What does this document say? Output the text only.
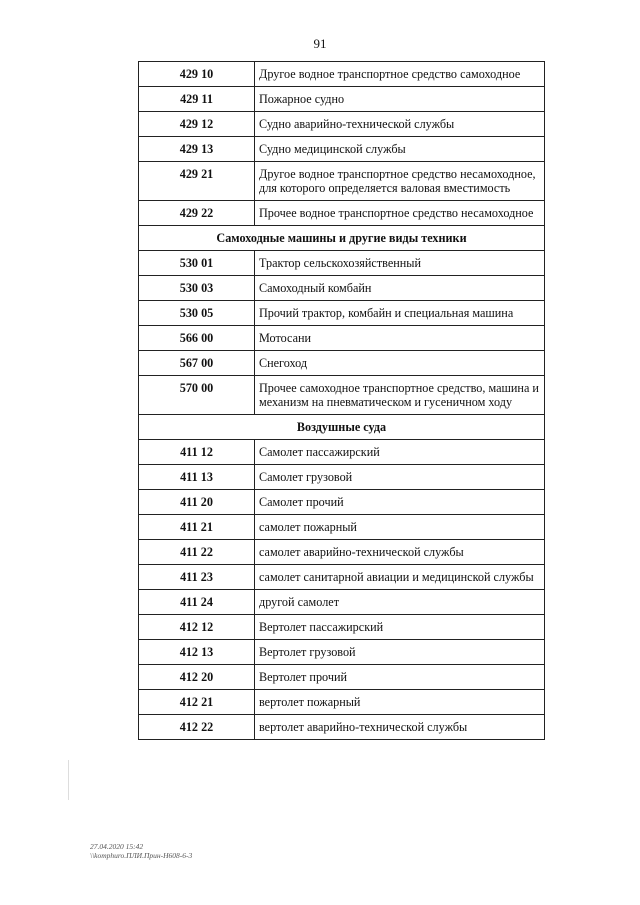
91
429 10	Другое водное транспортное средство самоходное
429 11	Пожарное судно
429 12	Судно аварийно-технической службы
429 13	Судно медицинской службы
429 21	Другое водное транспортное средство несамоходное, для которого определяется валовая вместимость
429 22	Прочее водное транспортное средство несамоходное
Самоходные машины и другие виды техники	
530 01	Трактор сельскохозяйственный
530 03	Самоходный комбайн
530 05	Прочий трактор, комбайн и специальная машина
566 00	Мотосани
567 00	Снегоход
570 00	Прочее самоходное транспортное средство, машина и механизм на пневматическом и гусеничном ходу
Воздушные суда	
411 12	Самолет пассажирский
411 13	Самолет грузовой
411 20	Самолет прочий
411 21	самолет пожарный
411 22	самолет аварийно-технической службы
411 23	самолет санитарной авиации и медицинской службы
411 24	другой самолет
412 12	Вертолет пассажирский
412 13	Вертолет грузовой
412 20	Вертолет прочий
412 21	вертолет пожарный
412 22	вертолет аварийно-технической службы
27.04.2020 15:42
\\komphuro.ПЛИ.Прин-Н608-6-3
